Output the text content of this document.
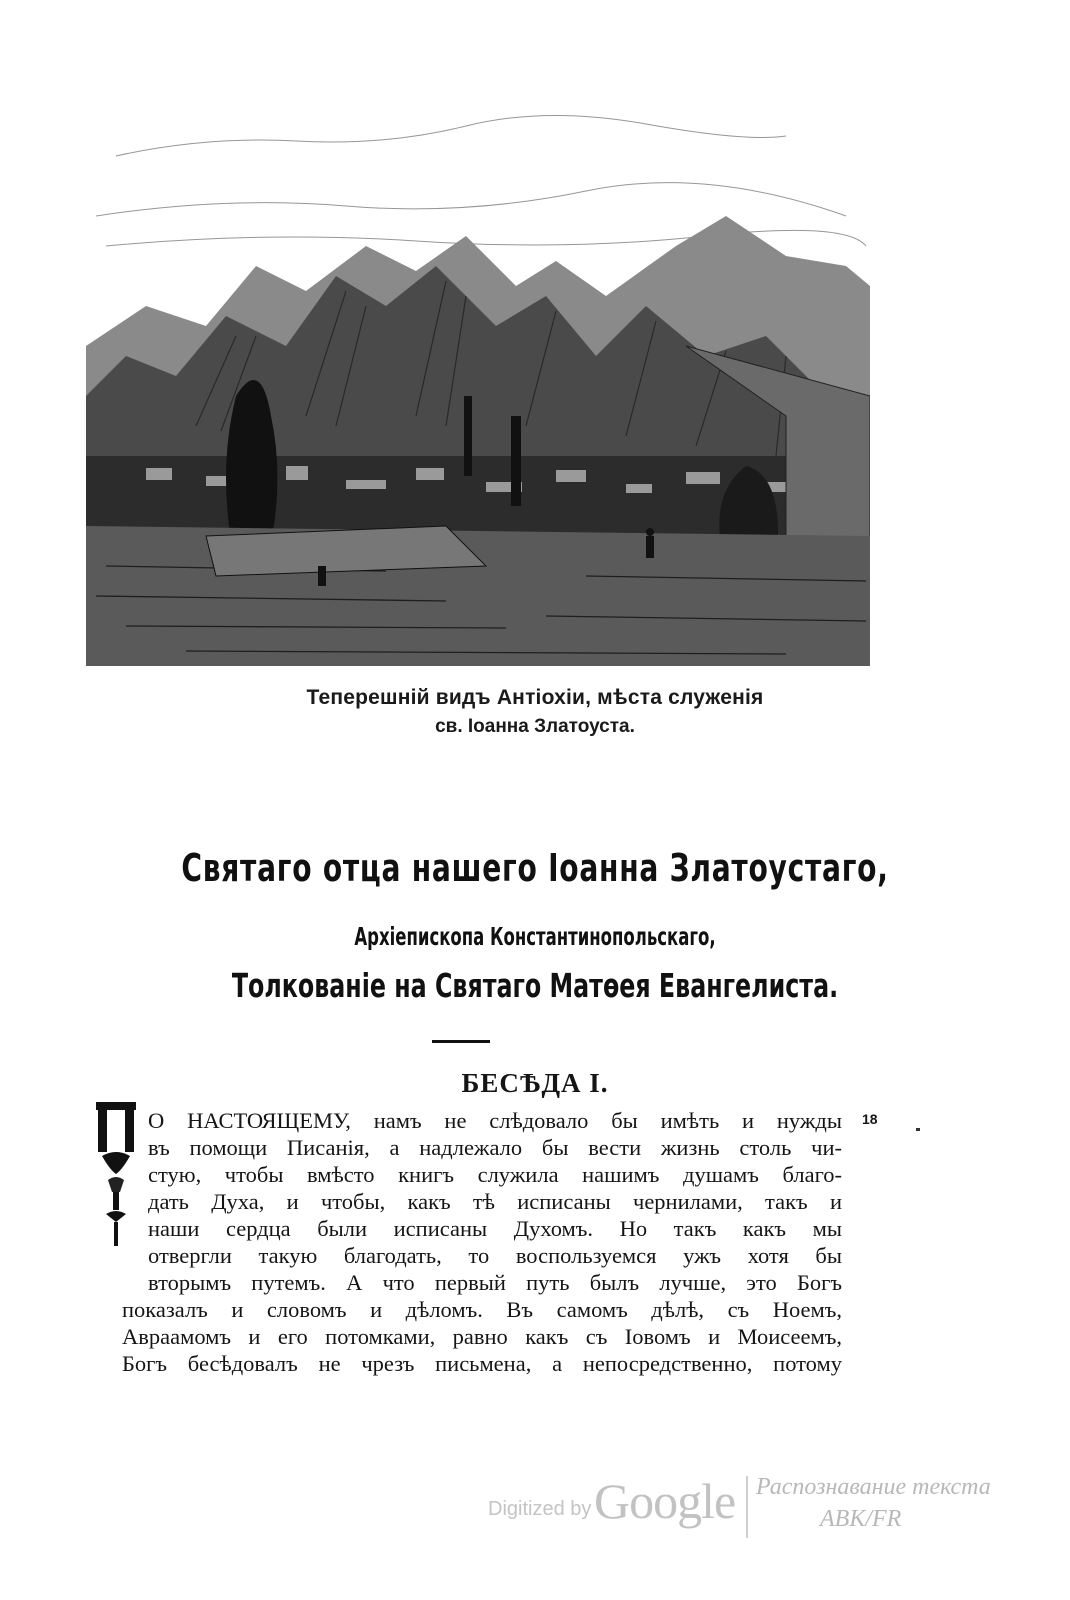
Теперешній видъ Антіохіи, мѣста служенія
св. Іоанна Златоуста.
Святаго отца нашего Іоанна Златоустаго,
Архіепископа Константинопольскаго,
Толкованіе на Святаго Матѳея Евангелиста.
БЕСѢДА I.
18
О НАСТОЯЩЕМУ, намъ не слѣдовало бы имѣть и нужды
въ помощи Писанія, а надлежало бы вести жизнь столь чи-
стую, чтобы вмѣсто книгъ служила нашимъ душамъ благо-
дать Духа, и чтобы, какъ тѣ исписаны чернилами, такъ и
наши сердца были исписаны Духомъ. Но такъ какъ мы
отвергли такую благодать, то воспользуемся ужъ хотя бы
вторымъ путемъ. А что первый путь былъ лучше, это Богъ
показалъ и словомъ и дѣломъ. Въ самомъ дѣлѣ, съ Ноемъ,
Авраамомъ и его потомками, равно какъ съ Іовомъ и Моисеемъ,
Богъ бесѣдовалъ не чрезъ письмена, а непосредственно, потому
Digitized by Google Распознавание текста
ABK/FR
